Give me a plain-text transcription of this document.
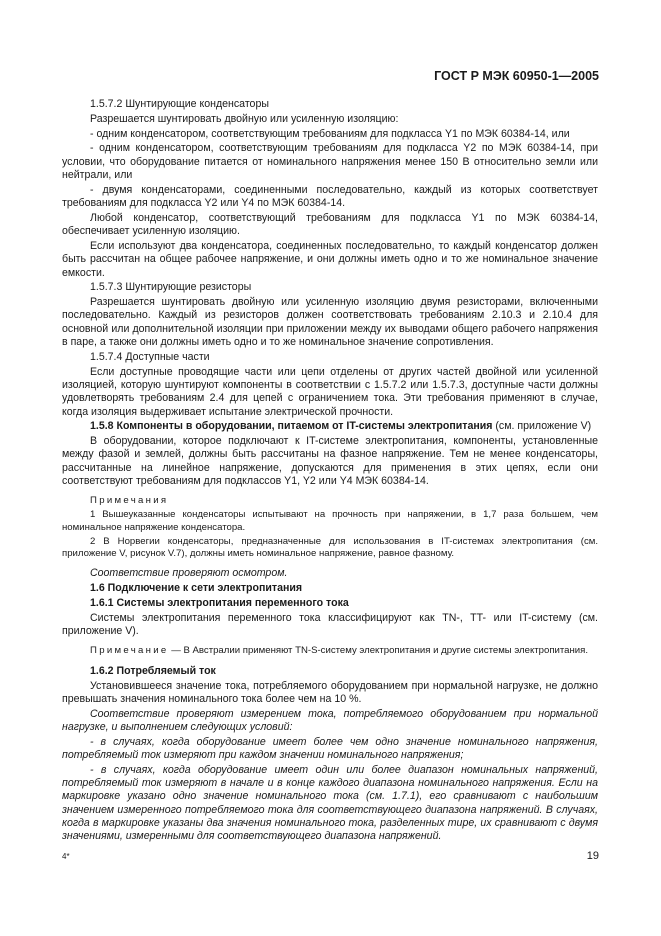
ГОСТ Р МЭК 60950-1—2005

1.5.7.2 Шунтирующие конденсаторы

Разрешается шунтировать двойную или усиленную изоляцию:

- одним конденсатором, соответствующим требованиям для подкласса Y1 по МЭК 60384-14, или

- одним конденсатором, соответствующим требованиям для подкласса Y2 по МЭК 60384-14, при условии, что оборудование питается от номинального напряжения менее 150 В относительно земли или нейтрали, или

- двумя конденсаторами, соединенными последовательно, каждый из которых соответствует требованиям для подкласса Y2 или Y4 по МЭК 60384-14.

Любой конденсатор, соответствующий требованиям для подкласса Y1 по МЭК 60384-14, обеспечивает усиленную изоляцию.

Если используют два конденсатора, соединенных последовательно, то каждый конденсатор должен быть рассчитан на общее рабочее напряжение, и они должны иметь одно и то же номинальное значение емкости.

1.5.7.3 Шунтирующие резисторы

Разрешается шунтировать двойную или усиленную изоляцию двумя резисторами, включенными последовательно. Каждый из резисторов должен соответствовать требованиям 2.10.3 и 2.10.4 для основной или дополнительной изоляции при приложении между их выводами общего рабочего напряжения в паре, а также они должны иметь одно и то же номинальное значение сопротивления.

1.5.7.4 Доступные части

Если доступные проводящие части или цепи отделены от других частей двойной или усиленной изоляцией, которую шунтируют компоненты в соответствии с 1.5.7.2 или 1.5.7.3, доступные части должны удовлетворять требованиям 2.4 для цепей с ограничением тока. Эти требования применяют в случае, когда изоляция выдерживает испытание электрической прочности.

1.5.8 Компоненты в оборудовании, питаемом от IT-системы электропитания (см. приложение V)

В оборудовании, которое подключают к IT-системе электропитания, компоненты, установленные между фазой и землей, должны быть рассчитаны на фазное напряжение. Тем не менее конденсаторы, рассчитанные на линейное напряжение, допускаются для применения в этих цепях, если они соответствуют требованиям для подклассов Y1, Y2 или Y4 МЭК 60384-14.

Примечания

1 Вышеуказанные конденсаторы испытывают на прочность при напряжении, в 1,7 раза большем, чем номинальное напряжение конденсатора.

2 В Норвегии конденсаторы, предназначенные для использования в IT-системах электропитания (см. приложение V, рисунок V.7), должны иметь номинальное напряжение, равное фазному.

Соответствие проверяют осмотром.

1.6 Подключение к сети электропитания

1.6.1 Системы электропитания переменного тока

Системы электропитания переменного тока классифицируют как TN-, TT- или IT-систему (см. приложение V).

Примечание — В Австралии применяют TN-S-систему электропитания и другие системы электропитания.

1.6.2 Потребляемый ток

Установившееся значение тока, потребляемого оборудованием при нормальной нагрузке, не должно превышать значения номинального тока более чем на 10 %.

Соответствие проверяют измерением тока, потребляемого оборудованием при нормальной нагрузке, и выполнением следующих условий:

- в случаях, когда оборудование имеет более чем одно значение номинального напряжения, потребляемый ток измеряют при каждом значении номинального напряжения;

- в случаях, когда оборудование имеет один или более диапазон номинальных напряжений, потребляемый ток измеряют в начале и в конце каждого диапазона номинального напряжения. Если на маркировке указано одно значение номинального тока (см. 1.7.1), его сравнивают с наибольшим значением измеренного потребляемого тока для соответствующего диапазона напряжений. В случаях, когда в маркировке указаны два значения номинального тока, разделенных тире, их сравнивают с двумя значениями, измеренными для соответствующего диапазона напряжений.

4*	19
